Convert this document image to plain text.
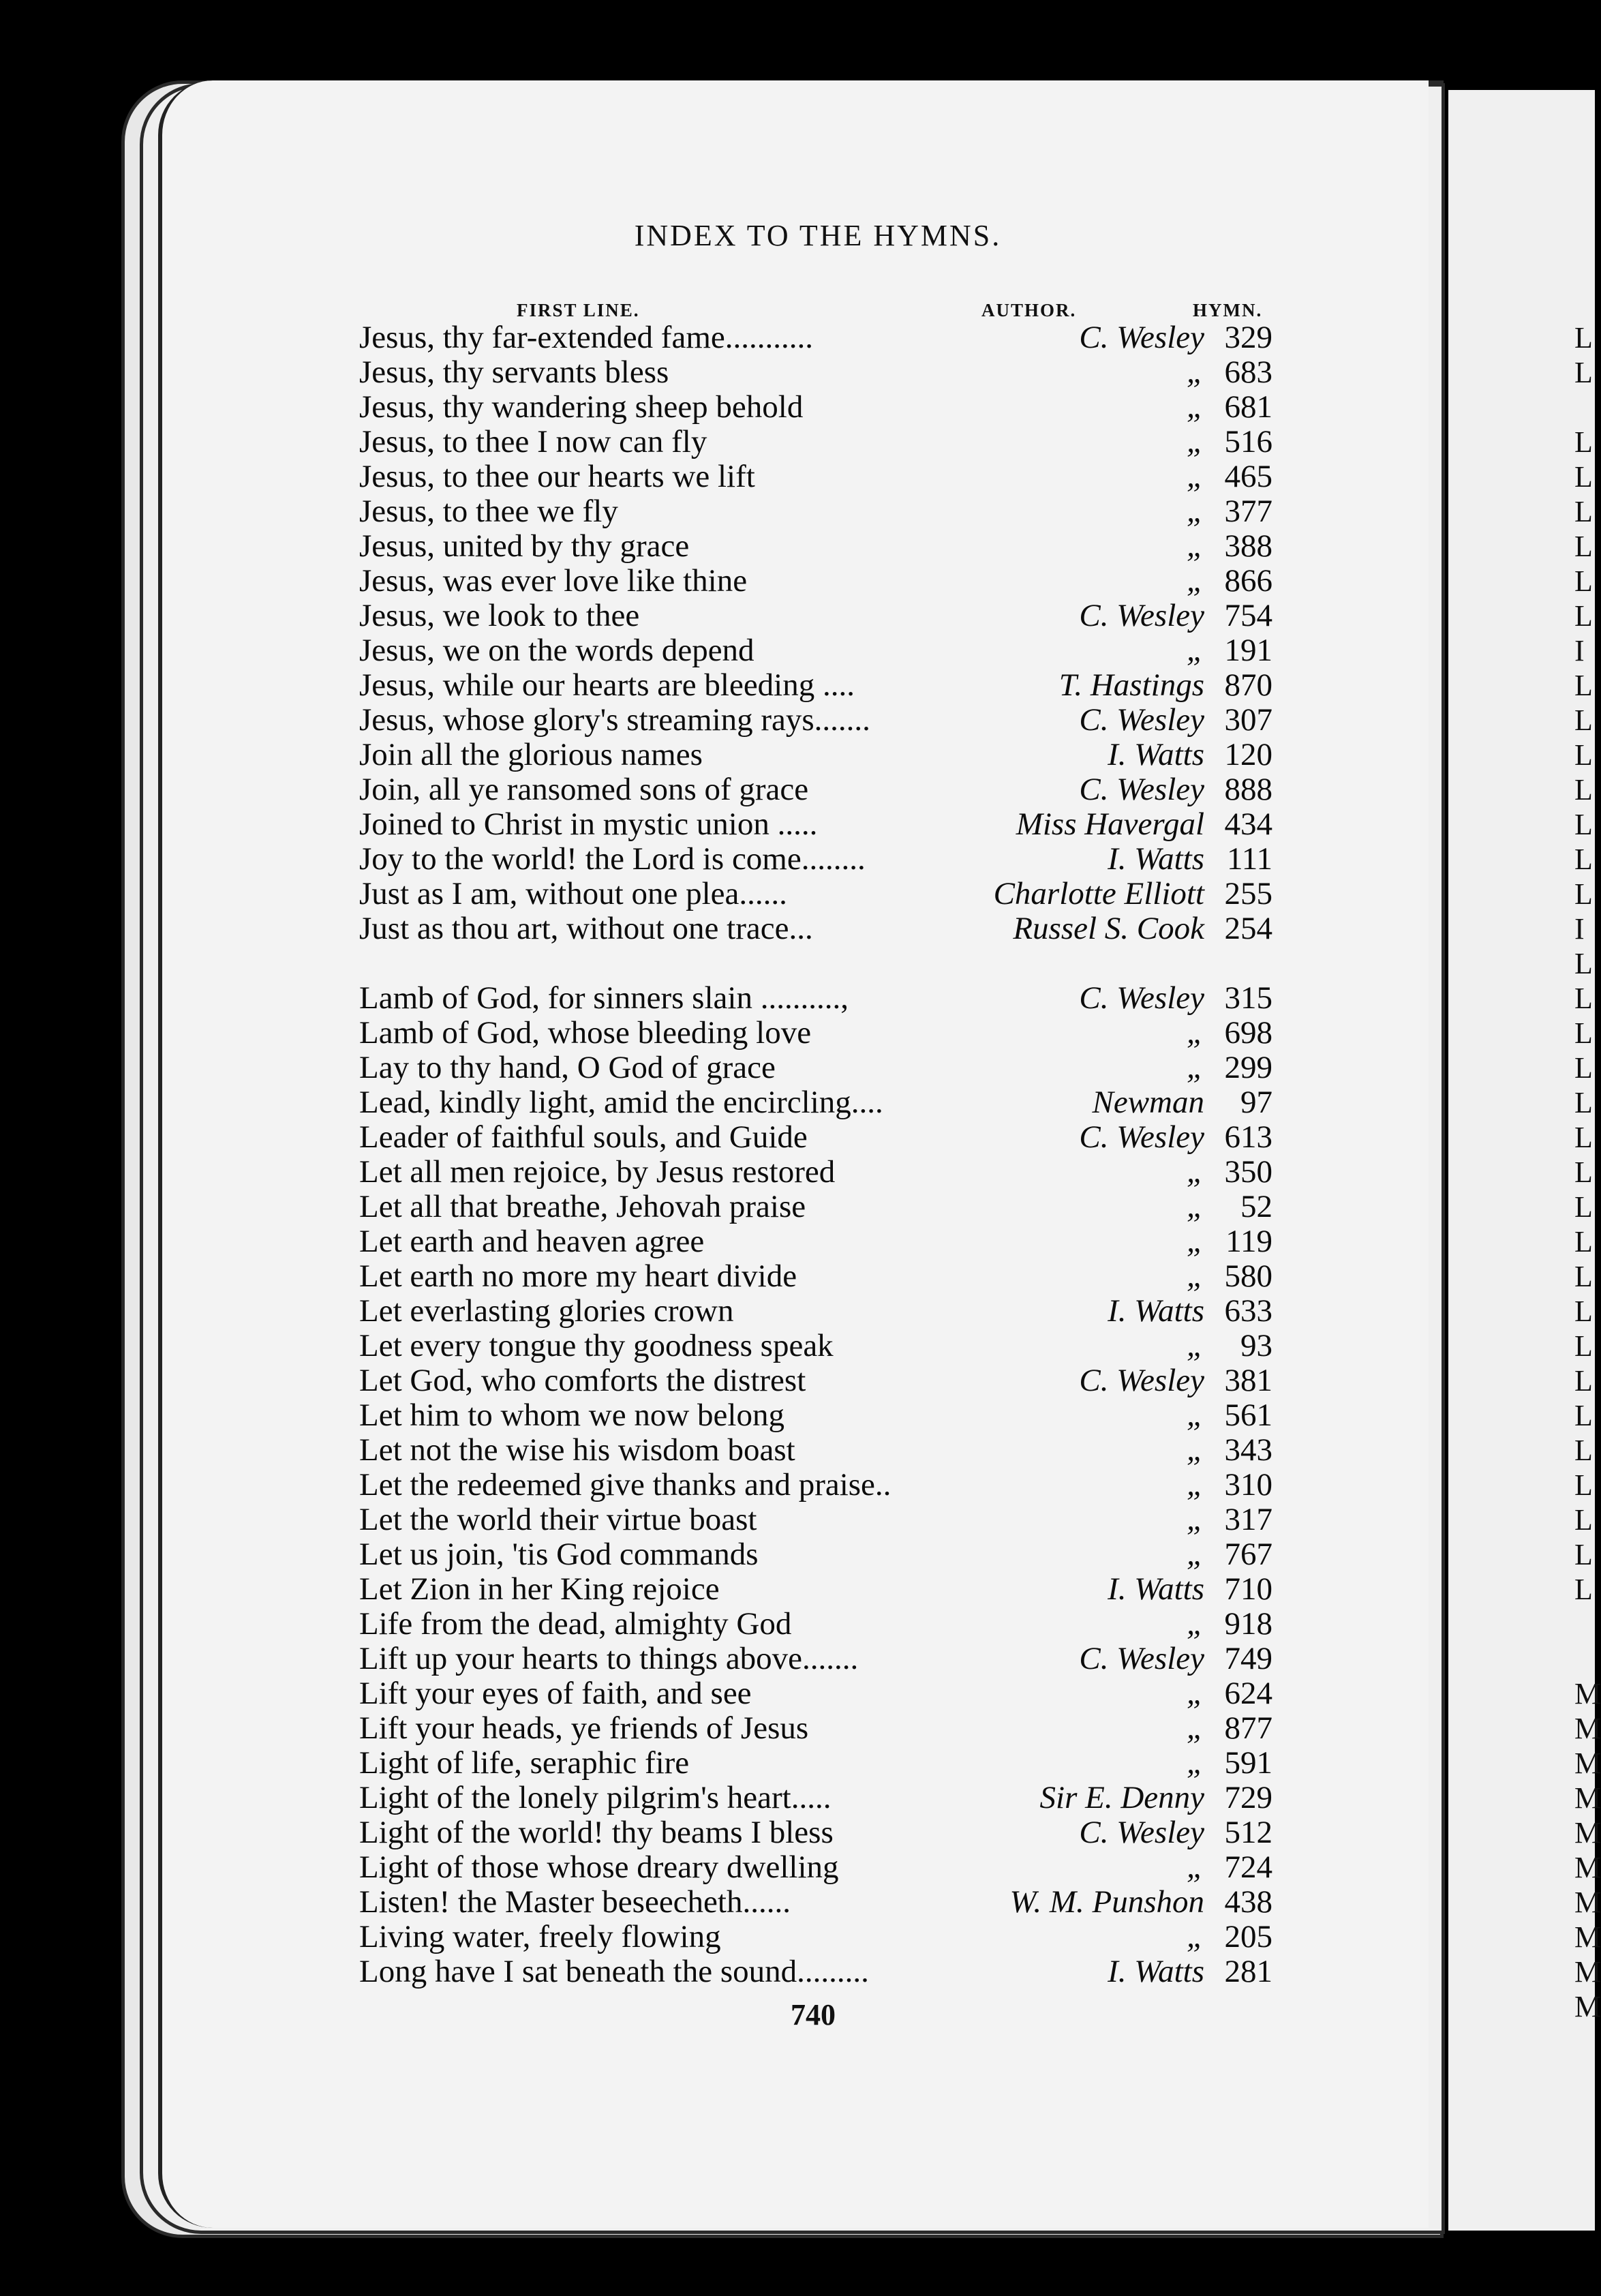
L
L
L
L
L
L
L
L
I
L
L
L
L
L
L
L
I
L
L
L
L
L
L
L
L
L
L
L
L
L
L
L
L
L
L
L
M
M
M
M
M
M
M
M
M
M
INDEX TO THE HYMNS.
FIRST LINE.	AUTHOR.	HYMN.
Jesus, thy far-extended fame...........	C. Wesley 329
Jesus, thy servants bless	„ 683
Jesus, thy wandering sheep behold	„ 681
Jesus, to thee I now can fly	„ 516
Jesus, to thee our hearts we lift	„ 465
Jesus, to thee we fly	„ 377
Jesus, united by thy grace	„ 388
Jesus, was ever love like thine	„ 866
Jesus, we look to thee	C. Wesley 754
Jesus, we on the words depend	„ 191
Jesus, while our hearts are bleeding ....	T. Hastings 870
Jesus, whose glory's streaming rays.......	C. Wesley 307
Join all the glorious names	I. Watts 120
Join, all ye ransomed sons of grace	C. Wesley 888
Joined to Christ in mystic union .....	Miss Havergal 434
Joy to the world! the Lord is come........	I. Watts 111
Just as I am, without one plea......	Charlotte Elliott 255
Just as thou art, without one trace...	Russel S. Cook 254
Lamb of God, for sinners slain ..........,	C. Wesley 315
Lamb of God, whose bleeding love	„ 698
Lay to thy hand, O God of grace	„ 299
Lead, kindly light, amid the encircling....	Newman 97
Leader of faithful souls, and Guide	C. Wesley 613
Let all men rejoice, by Jesus restored	„ 350
Let all that breathe, Jehovah praise	„ 52
Let earth and heaven agree	„ 119
Let earth no more my heart divide	„ 580
Let everlasting glories crown	I. Watts 633
Let every tongue thy goodness speak	„ 93
Let God, who comforts the distrest	C. Wesley 381
Let him to whom we now belong	„ 561
Let not the wise his wisdom boast	„ 343
Let the redeemed give thanks and praise..	„ 310
Let the world their virtue boast	„ 317
Let us join, 'tis God commands	„ 767
Let Zion in her King rejoice	I. Watts 710
Life from the dead, almighty God	„ 918
Lift up your hearts to things above.......	C. Wesley 749
Lift your eyes of faith, and see	„ 624
Lift your heads, ye friends of Jesus	„ 877
Light of life, seraphic fire	„ 591
Light of the lonely pilgrim's heart.....	Sir E. Denny 729
Light of the world! thy beams I bless	C. Wesley 512
Light of those whose dreary dwelling	„ 724
Listen! the Master beseecheth......	W. M. Punshon 438
Living water, freely flowing	„ 205
Long have I sat beneath the sound.........	I. Watts 281
740
